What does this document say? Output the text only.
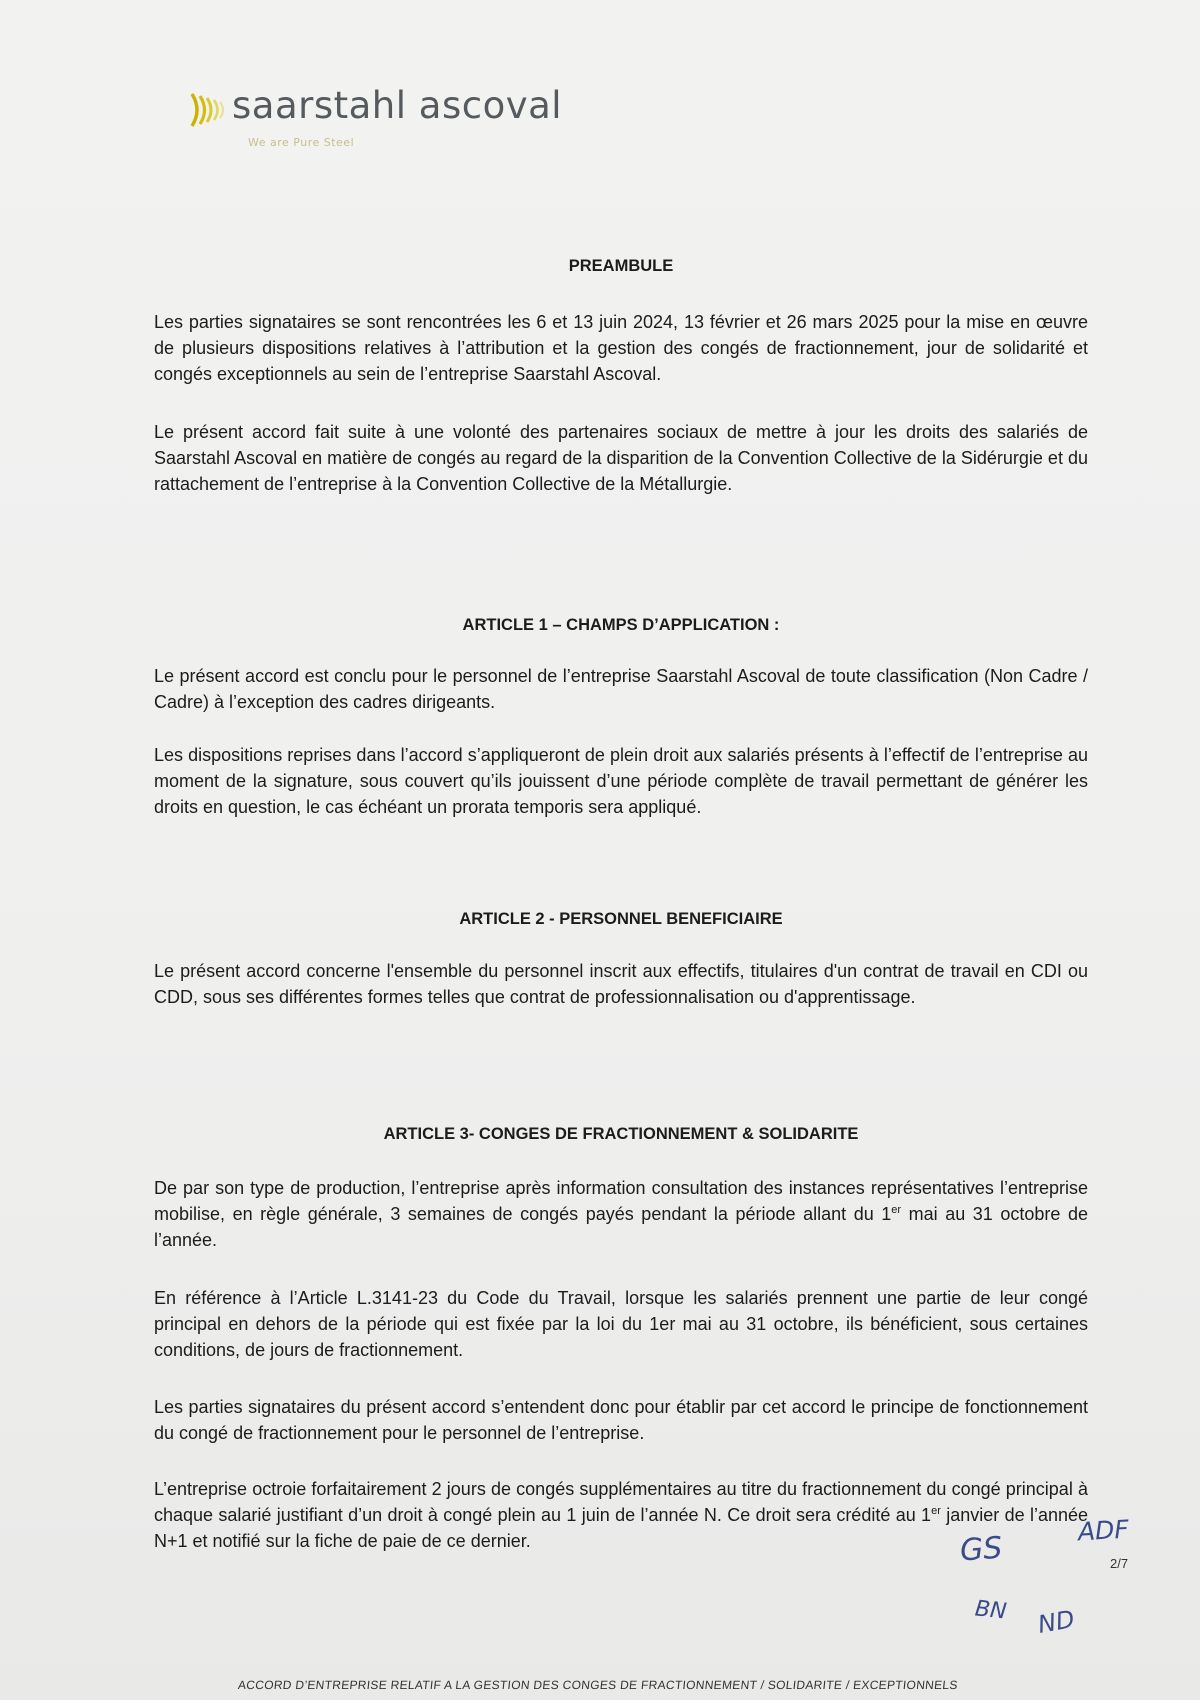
saarstahl ascoval
We are Pure Steel
PREAMBULE

Les parties signataires se sont rencontrées les 6 et 13 juin 2024, 13 février et 26 mars 2025 pour la mise en œuvre de plusieurs dispositions relatives à l’attribution et la gestion des congés de fractionnement, jour de solidarité et congés exceptionnels au sein de l’entreprise Saarstahl Ascoval.

Le présent accord fait suite à une volonté des partenaires sociaux de mettre à jour les droits des salariés de Saarstahl Ascoval en matière de congés au regard de la disparition de la Convention Collective de la Sidérurgie et du rattachement de l’entreprise à la Convention Collective de la Métallurgie.

ARTICLE 1 – CHAMPS D’APPLICATION :

Le présent accord est conclu pour le personnel de l’entreprise Saarstahl Ascoval de toute classification (Non Cadre / Cadre) à l’exception des cadres dirigeants.

Les dispositions reprises dans l’accord s’appliqueront de plein droit aux salariés présents à l’effectif de l’entreprise au moment de la signature, sous couvert qu’ils jouissent d’une période complète de travail permettant de générer les droits en question, le cas échéant un prorata temporis sera appliqué.

ARTICLE 2 - PERSONNEL BENEFICIAIRE

Le présent accord concerne l'ensemble du personnel inscrit aux effectifs, titulaires d'un contrat de travail en CDI ou CDD, sous ses différentes formes telles que contrat de professionnalisation ou d'apprentissage.

ARTICLE 3- CONGES DE FRACTIONNEMENT & SOLIDARITE

De par son type de production, l’entreprise après information consultation des instances représentatives l’entreprise mobilise, en règle générale, 3 semaines de congés payés pendant la période allant du 1er mai au 31 octobre de l’année.

En référence à l’Article L.3141-23 du Code du Travail, lorsque les salariés prennent une partie de leur congé principal en dehors de la période qui est fixée par la loi du 1er mai au 31 octobre, ils bénéficient, sous certaines conditions, de jours de fractionnement.

Les parties signataires du présent accord s’entendent donc pour établir par cet accord le principe de fonctionnement du congé de fractionnement pour le personnel de l’entreprise.

L’entreprise octroie forfaitairement 2 jours de congés supplémentaires au titre du fractionnement du congé principal à chaque salarié justifiant d’un droit à congé plein au 1 juin de l’année N. Ce droit sera crédité au 1er janvier de l’année N+1 et notifié sur la fiche de paie de ce dernier.	GS
ADF
BN ND
2/7
ACCORD D’ENTREPRISE RELATIF A LA GESTION DES CONGES DE FRACTIONNEMENT / SOLIDARITE / EXCEPTIONNELS
